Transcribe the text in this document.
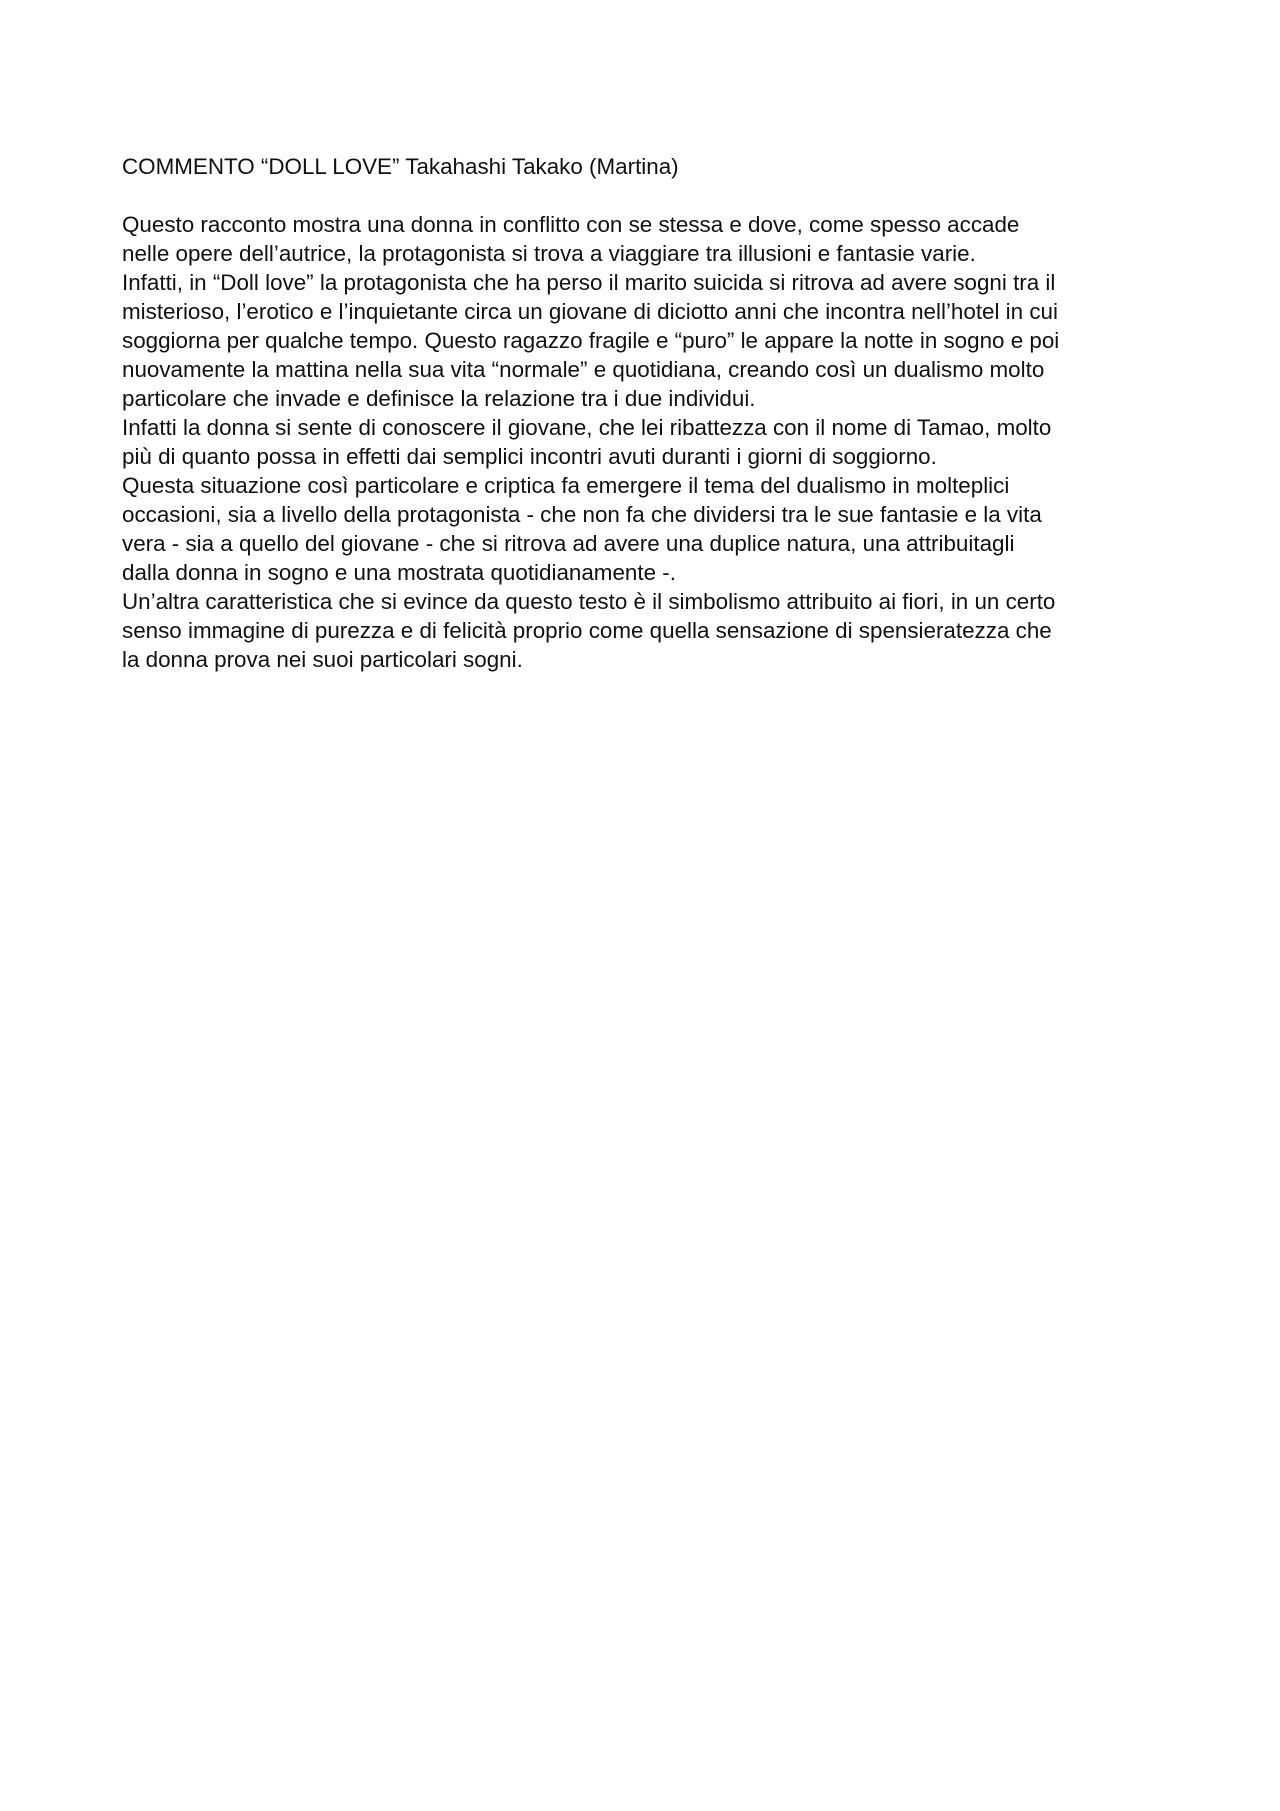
COMMENTO “DOLL LOVE” Takahashi Takako (Martina)

Questo racconto mostra una donna in conflitto con se stessa e dove, come spesso accade
nelle opere dell’autrice, la protagonista si trova a viaggiare tra illusioni e fantasie varie.

Infatti, in “Doll love” la protagonista che ha perso il marito suicida si ritrova ad avere sogni tra il
misterioso, l’erotico e l’inquietante circa un giovane di diciotto anni che incontra nell’hotel in cui
soggiorna per qualche tempo. Questo ragazzo fragile e “puro” le appare la notte in sogno e poi
nuovamente la mattina nella sua vita “normale” e quotidiana, creando così un dualismo molto
particolare che invade e definisce la relazione tra i due individui.

Infatti la donna si sente di conoscere il giovane, che lei ribattezza con il nome di Tamao, molto
più di quanto possa in effetti dai semplici incontri avuti duranti i giorni di soggiorno.

Questa situazione così particolare e criptica fa emergere il tema del dualismo in molteplici
occasioni, sia a livello della protagonista - che non fa che dividersi tra le sue fantasie e la vita
vera - sia a quello del giovane - che si ritrova ad avere una duplice natura, una attribuitagli
dalla donna in sogno e una mostrata quotidianamente -.

Un’altra caratteristica che si evince da questo testo è il simbolismo attribuito ai fiori, in un certo
senso immagine di purezza e di felicità proprio come quella sensazione di spensieratezza che
la donna prova nei suoi particolari sogni.
